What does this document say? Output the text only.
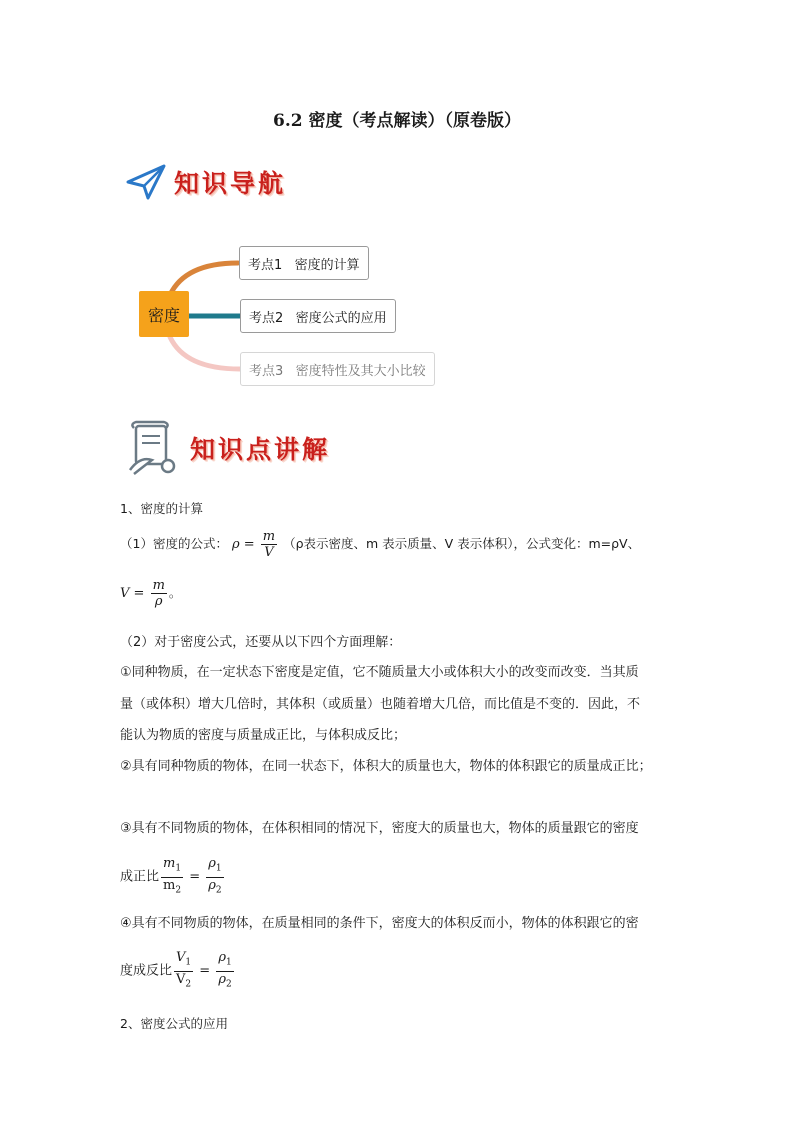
6.2 密度（考点解读）（原卷版）
知识导航
考点1   密度的计算
考点2   密度公式的应用
考点3   密度特性及其大小比较
密度
知识点讲解
1、密度的计算
（1）密度的公式： $\rho = \frac{m}{V} (\rho$表示密度、m 表示质量、V 表示体积），公式变化：m=ρV、
$V = \frac{m}{\rho}$ 。
（2）对于密度公式，还要从以下四个方面理解：
①同种物质，在一定状态下密度是定值，它不随质量大小或体积大小的改变而改变．当其质
量（或体积）增大几倍时，其体积（或质量）也随着增大几倍，而比值是不变的．因此，不
能认为物质的密度与质量成正比，与体积成反比；
②具有同种物质的物体，在同一状态下，体积大的质量也大，物体的体积跟它的质量成正比；
③具有不同物质的物体，在体积相同的情况下，密度大的质量也大，物体的质量跟它的密度
成正比 $\frac{m_1}{m_2} = \frac{\rho_1}{\rho_2}$
④具有不同物质的物体，在质量相同的条件下，密度大的体积反而小，物体的体积跟它的密
度成反比 $\frac{V_1}{V_2} = \frac{\rho_1}{\rho_2}$
2、密度公式的应用
